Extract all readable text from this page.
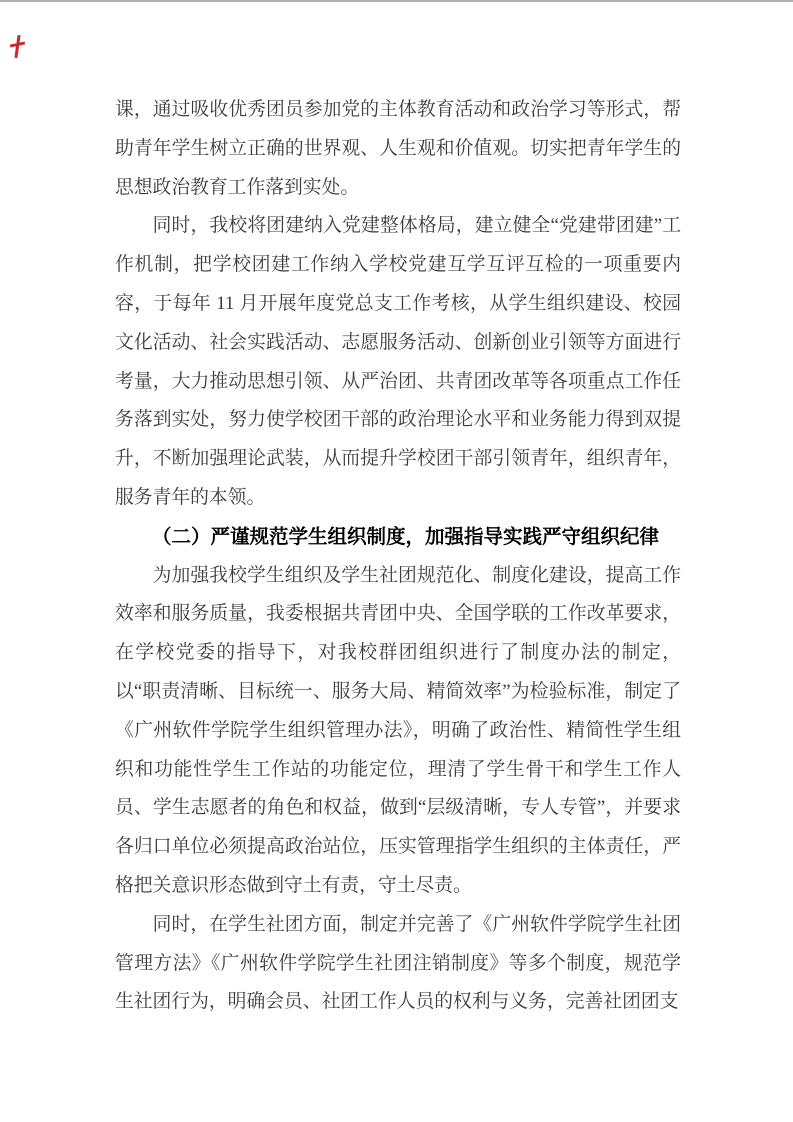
课，通过吸收优秀团员参加党的主体教育活动和政治学习等形式，帮助青年学生树立正确的世界观、人生观和价值观。切实把青年学生的思想政治教育工作落到实处。

同时，我校将团建纳入党建整体格局，建立健全“党建带团建”工作机制，把学校团建工作纳入学校党建互学互评互检的一项重要内容，于每年 11 月开展年度党总支工作考核，从学生组织建设、校园文化活动、社会实践活动、志愿服务活动、创新创业引领等方面进行考量，大力推动思想引领、从严治团、共青团改革等各项重点工作任务落到实处，努力使学校团干部的政治理论水平和业务能力得到双提升，不断加强理论武装，从而提升学校团干部引领青年，组织青年，服务青年的本领。

（二）严谨规范学生组织制度，加强指导实践严守组织纪律

为加强我校学生组织及学生社团规范化、制度化建设，提高工作效率和服务质量，我委根据共青团中央、全国学联的工作改革要求，在学校党委的指导下，对我校群团组织进行了制度办法的制定，以“职责清晰、目标统一、服务大局、精简效率”为检验标准，制定了《广州软件学院学生组织管理办法》，明确了政治性、精简性学生组织和功能性学生工作站的功能定位，理清了学生骨干和学生工作人员、学生志愿者的角色和权益，做到“层级清晰，专人专管”，并要求各归口单位必须提高政治站位，压实管理指学生组织的主体责任，严格把关意识形态做到守土有责，守土尽责。

同时，在学生社团方面，制定并完善了《广州软件学院学生社团管理方法》《广州软件学院学生社团注销制度》等多个制度，规范学生社团行为，明确会员、社团工作人员的权利与义务，完善社团团支
